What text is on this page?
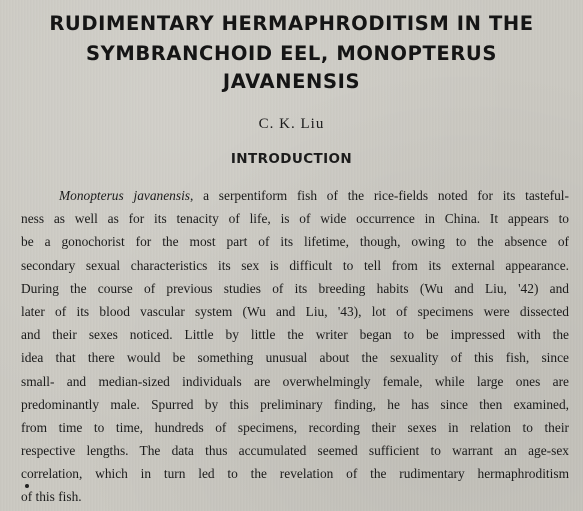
RUDIMENTARY HERMAPHRODITISM IN THE
SYMBRANCHOID EEL, MONOPTERUS
JAVANENSIS

C. K. Liu

INTRODUCTION
Monopterus javanensis, a serpentiform fish of the rice-fields noted for its tasteful-
ness as well as for its tenacity of life, is of wide occurrence in China. It appears to
be a gonochorist for the most part of its lifetime, though, owing to the absence of
secondary sexual characteristics its sex is difficult to tell from its external appearance.
During the course of previous studies of its breeding habits (Wu and Liu, '42) and
later of its blood vascular system (Wu and Liu, '43), lot of specimens were dissected
and their sexes noticed. Little by little the writer began to be impressed with the
idea that there would be something unusual about the sexuality of this fish, since
small- and median-sized individuals are overwhelmingly female, while large ones are
predominantly male. Spurred by this preliminary finding, he has since then examined,
from time to time, hundreds of specimens, recording their sexes in relation to their
respective lengths. The data thus accumulated seemed sufficient to warrant an age-sex
correlation, which in turn led to the revelation of the rudimentary hermaphroditism
of this fish.
